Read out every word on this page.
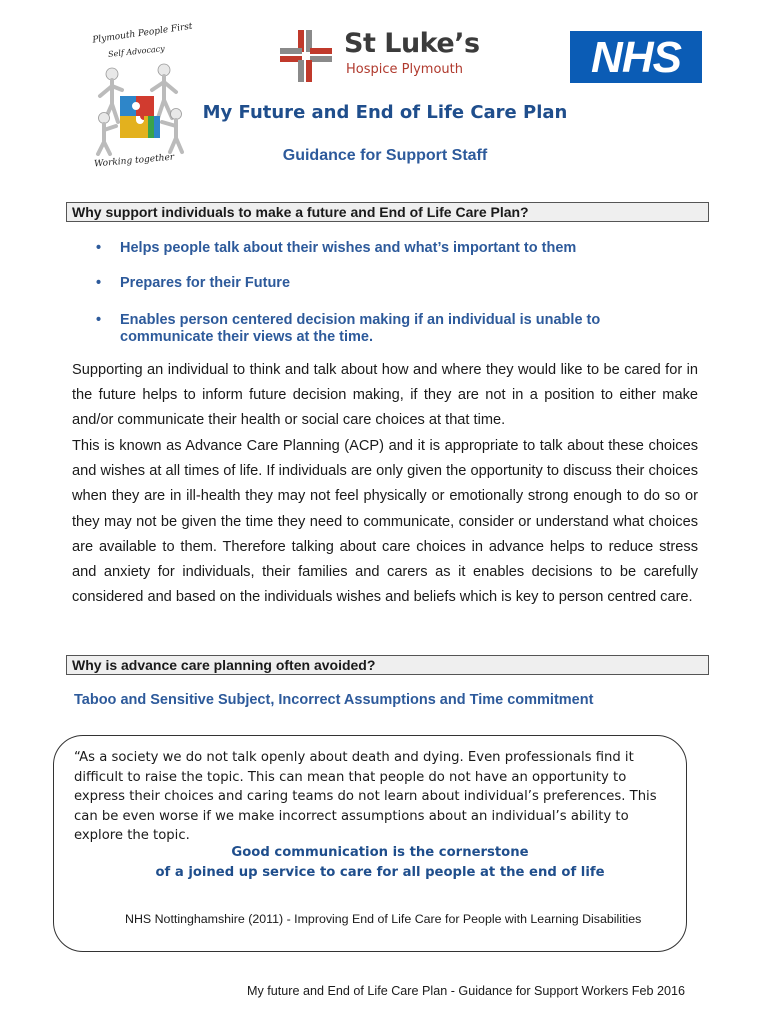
Plymouth People First
Self Advocacy
Working together
St Luke’s
Hospice Plymouth	NHS
My Future and End of Life Care Plan
Guidance for Support Staff
Why support individuals to make a future and End of Life Care Plan?
• Helps people talk about their wishes and what’s important to them
• Prepares for their Future
• Enables person centered decision making if an individual is unable to communicate their views at the time.
Supporting an individual to think and talk about how and where they would like to be cared for in the future helps to inform future decision making, if they are not in a position to either make and/or communicate their health or social care choices at that time.
This is known as Advance Care Planning (ACP) and it is appropriate to talk about these choices and wishes at all times of life. If individuals are only given the opportunity to discuss their choices when they are in ill-health they may not feel physically or emotionally strong enough to do so or they may not be given the time they need to communicate, consider or understand what choices are available to them. Therefore talking about care choices in advance helps to reduce stress and anxiety for individuals, their families and carers as it enables decisions to be carefully considered and based on the individuals wishes and beliefs which is key to person centred care.
Why is advance care planning often avoided?
Taboo and Sensitive Subject, Incorrect Assumptions and Time commitment
“As a society we do not talk openly about death and dying. Even professionals find it difficult to raise the topic. This can mean that people do not have an opportunity to express their choices and caring teams do not learn about individual’s preferences. This can be even worse if we make incorrect assumptions about an individual’s ability to explore the topic.
Good communication is the cornerstone
of a joined up service to care for all people at the end of life
NHS Nottinghamshire (2011) - Improving End of Life Care for People with Learning Disabilities
My future and End of Life Care Plan - Guidance for Support Workers Feb 2016
